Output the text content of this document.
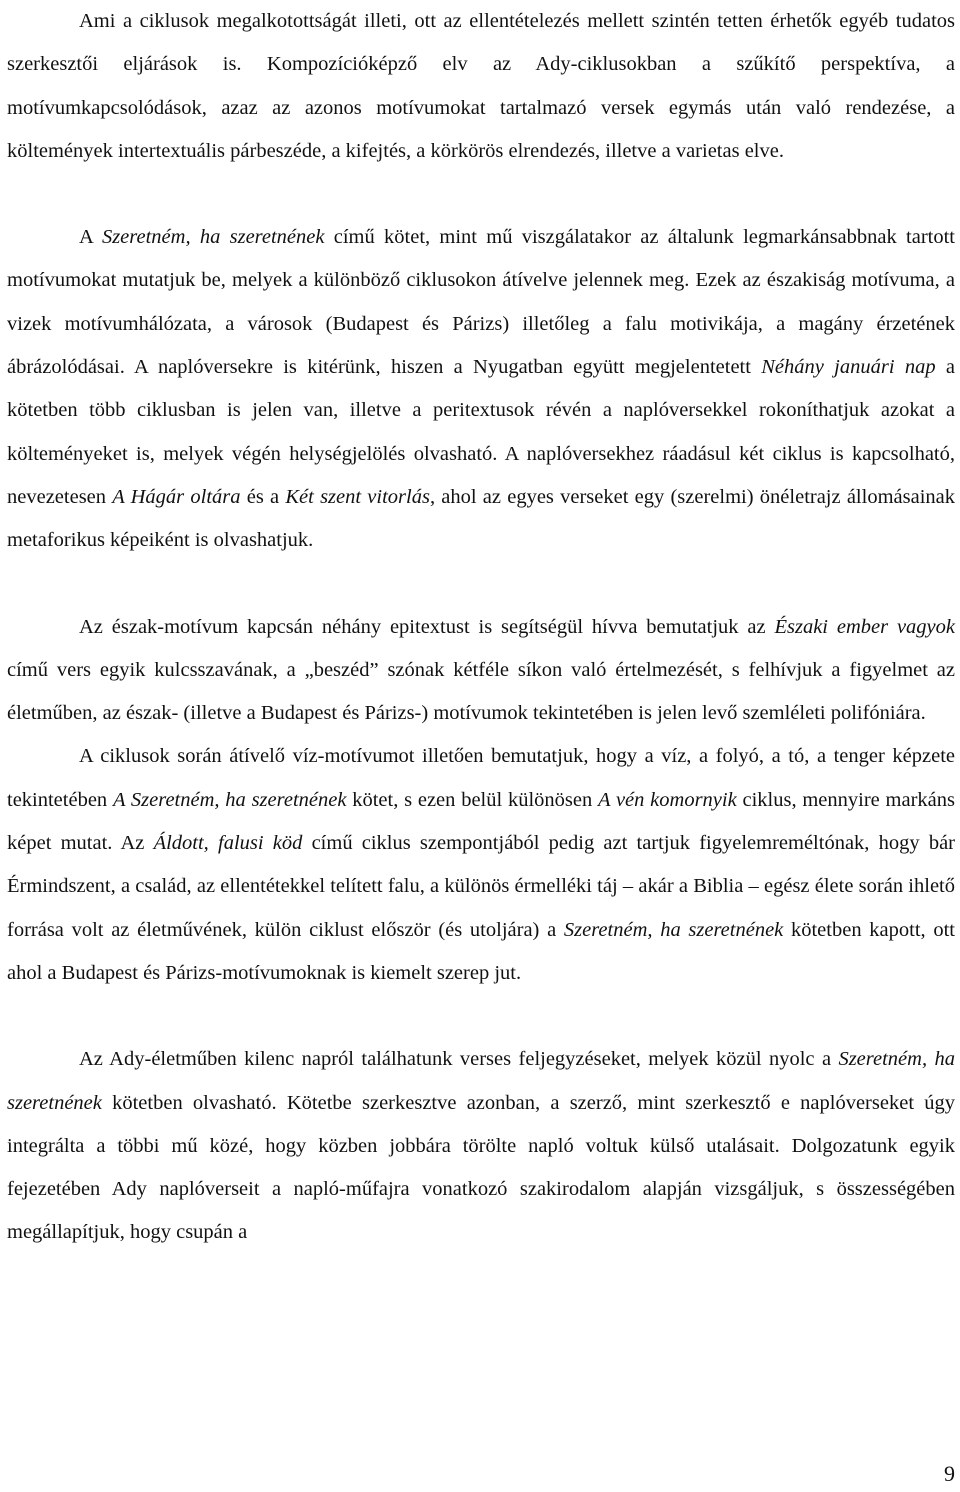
Ami a ciklusok megalkotottságát illeti, ott az ellentételezés mellett szintén tetten érhetők egyéb tudatos szerkesztői eljárások is. Kompozícióképző elv az Ady-ciklusokban a szűkítő perspektíva, a motívumkapcsolódások, azaz az azonos motívumokat tartalmazó versek egymás után való rendezése, a költemények intertextuális párbeszéde, a kifejtés, a körkörös elrendezés, illetve a varietas elve.

A Szeretném, ha szeretnének című kötet, mint mű viszgálatakor az általunk legmarkánsabbnak tartott motívumokat mutatjuk be, melyek a különböző ciklusokon átívelve jelennek meg. Ezek az északiság motívuma, a vizek motívumhálózata, a városok (Budapest és Párizs) illetőleg a falu motivikája, a magány érzetének ábrázolódásai. A naplóversekre is kitérünk, hiszen a Nyugatban együtt megjelentetett Néhány januári nap a kötetben több ciklusban is jelen van, illetve a peritextusok révén a naplóversekkel rokoníthatjuk azokat a költeményeket is, melyek végén helységjelölés olvasható. A naplóversekhez ráadásul két ciklus is kapcsolható, nevezetesen A Hágár oltára és a Két szent vitorlás, ahol az egyes verseket egy (szerelmi) önéletrajz állomásainak metaforikus képeiként is olvashatjuk.

Az észak-motívum kapcsán néhány epitextust is segítségül hívva bemutatjuk az Északi ember vagyok című vers egyik kulcsszavának, a „beszéd” szónak kétféle síkon való értelmezését, s felhívjuk a figyelmet az életműben, az észak- (illetve a Budapest és Párizs-) motívumok tekintetében is jelen levő szemléleti polifóniára.

A ciklusok során átívelő víz-motívumot illetően bemutatjuk, hogy a víz, a folyó, a tó, a tenger képzete tekintetében A Szeretném, ha szeretnének kötet, s ezen belül különösen A vén komornyik ciklus, mennyire markáns képet mutat. Az Áldott, falusi köd című ciklus szempontjából pedig azt tartjuk figyelemreméltónak, hogy bár Érmindszent, a család, az ellentétekkel telített falu, a különös érmelléki táj – akár a Biblia – egész élete során ihlető forrása volt az életművének, külön ciklust először (és utoljára) a Szeretném, ha szeretnének kötetben kapott, ott ahol a Budapest és Párizs-motívumoknak is kiemelt szerep jut.

Az Ady-életműben kilenc napról találhatunk verses feljegyzéseket, melyek közül nyolc a Szeretném, ha szeretnének kötetben olvasható. Kötetbe szerkesztve azonban, a szerző, mint szerkesztő e naplóverseket úgy integrálta a többi mű közé, hogy közben jobbára törölte napló voltuk külső utalásait. Dolgozatunk egyik fejezetében Ady naplóverseit a napló-műfajra vonatkozó szakirodalom alapján vizsgáljuk, s összességében megállapítjuk, hogy csupán a

9
